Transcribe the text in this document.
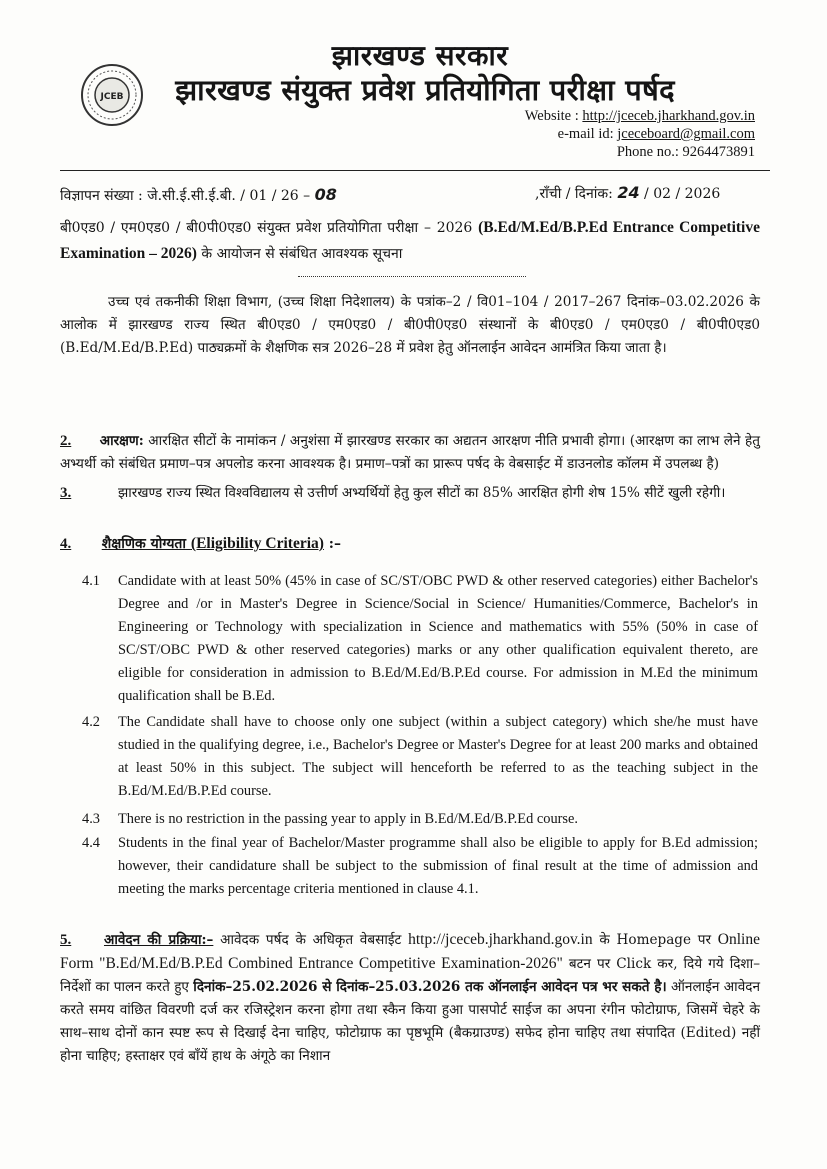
JCEB
झारखण्ड सरकार
झारखण्ड संयुक्त प्रवेश प्रतियोगिता परीक्षा पर्षद
Website : http://jceceb.jharkhand.gov.in
e-mail id: jceceboard@gmail.com
Phone no.: 9264473891
विज्ञापन संख्या : जे.सी.ई.सी.ई.बी. / 01 / 26 – 08	,राँची / दिनांक: 24 / 02 / 2026
बी0एड0 / एम0एड0 / बी0पी0एड0 संयुक्त प्रवेश प्रतियोगिता परीक्षा – 2026 (B.Ed/M.Ed/B.P.Ed Entrance Competitive Examination – 2026) के आयोजन से संबंधित आवश्यक सूचना
उच्च एवं तकनीकी शिक्षा विभाग, (उच्च शिक्षा निदेशालय) के पत्रांक–2 / वि01–104 / 2017–267 दिनांक–03.02.2026 के आलोक में झारखण्ड राज्य स्थित बी0एड0 / एम0एड0 / बी0पी0एड0 संस्थानों के बी0एड0 / एम0एड0 / बी0पी0एड0 (B.Ed/M.Ed/B.P.Ed) पाठ्यक्रमों के शैक्षणिक सत्र 2026–28 में प्रवेश हेतु ऑनलाईन आवेदन आमंत्रित किया जाता है।
2. आरक्षण: आरक्षित सीटों के नामांकन / अनुशंसा में झारखण्ड सरकार का अद्यतन आरक्षण नीति प्रभावी होगा। (आरक्षण का लाभ लेने हेतु अभ्यर्थी को संबंधित प्रमाण–पत्र अपलोड करना आवश्यक है। प्रमाण–पत्रों का प्रारूप पर्षद के वेबसाईट में डाउनलोड कॉलम में उपलब्ध है)
3.	झारखण्ड राज्य स्थित विश्वविद्यालय से उत्तीर्ण अभ्यर्थियों हेतु कुल सीटों का 85% आरक्षित होगी शेष 15% सीटें खुली रहेगी।
4. शैक्षणिक योग्यता (Eligibility Criteria) :–
4.1 Candidate with at least 50% (45% in case of SC/ST/OBC PWD & other reserved categories) either Bachelor's Degree and /or in Master's Degree in Science/Social in Science/ Humanities/Commerce, Bachelor's in Engineering or Technology with specialization in Science and mathematics with 55% (50% in case of SC/ST/OBC PWD & other reserved categories) marks or any other qualification equivalent thereto, are eligible for consideration in admission to B.Ed/M.Ed/B.P.Ed course. For admission in M.Ed the minimum qualification shall be B.Ed.
4.2 The Candidate shall have to choose only one subject (within a subject category) which she/he must have studied in the qualifying degree, i.e., Bachelor's Degree or Master's Degree for at least 200 marks and obtained at least 50% in this subject. The subject will henceforth be referred to as the teaching subject in the B.Ed/M.Ed/B.P.Ed course.
4.3 There is no restriction in the passing year to apply in B.Ed/M.Ed/B.P.Ed course.
4.4 Students in the final year of Bachelor/Master programme shall also be eligible to apply for B.Ed admission; however, their candidature shall be subject to the submission of final result at the time of admission and meeting the marks percentage criteria mentioned in clause 4.1.
5. आवेदन की प्रक्रिया:– आवेदक पर्षद के अधिकृत वेबसाईट http://jceceb.jharkhand.gov.in के Homepage पर Online Form "B.Ed/M.Ed/B.P.Ed Combined Entrance Competitive Examination-2026" बटन पर Click कर, दिये गये दिशा–निर्देशों का पालन करते हुए दिनांक–25.02.2026 से दिनांक–25.03.2026 तक ऑनलाईन आवेदन पत्र भर सकते है। ऑनलाईन आवेदन करते समय वांछित विवरणी दर्ज कर रजिस्ट्रेशन करना होगा तथा स्कैन किया हुआ पासपोर्ट साईज का अपना रंगीन फोटोग्राफ, जिसमें चेहरे के साथ–साथ दोनों कान स्पष्ट रूप से दिखाई देना चाहिए, फोटोग्राफ का पृष्ठभूमि (बैकग्राउण्ड) सफेद होना चाहिए तथा संपादित (Edited) नहीं होना चाहिए; हस्ताक्षर एवं बाँयें हाथ के अंगूठे का निशान
